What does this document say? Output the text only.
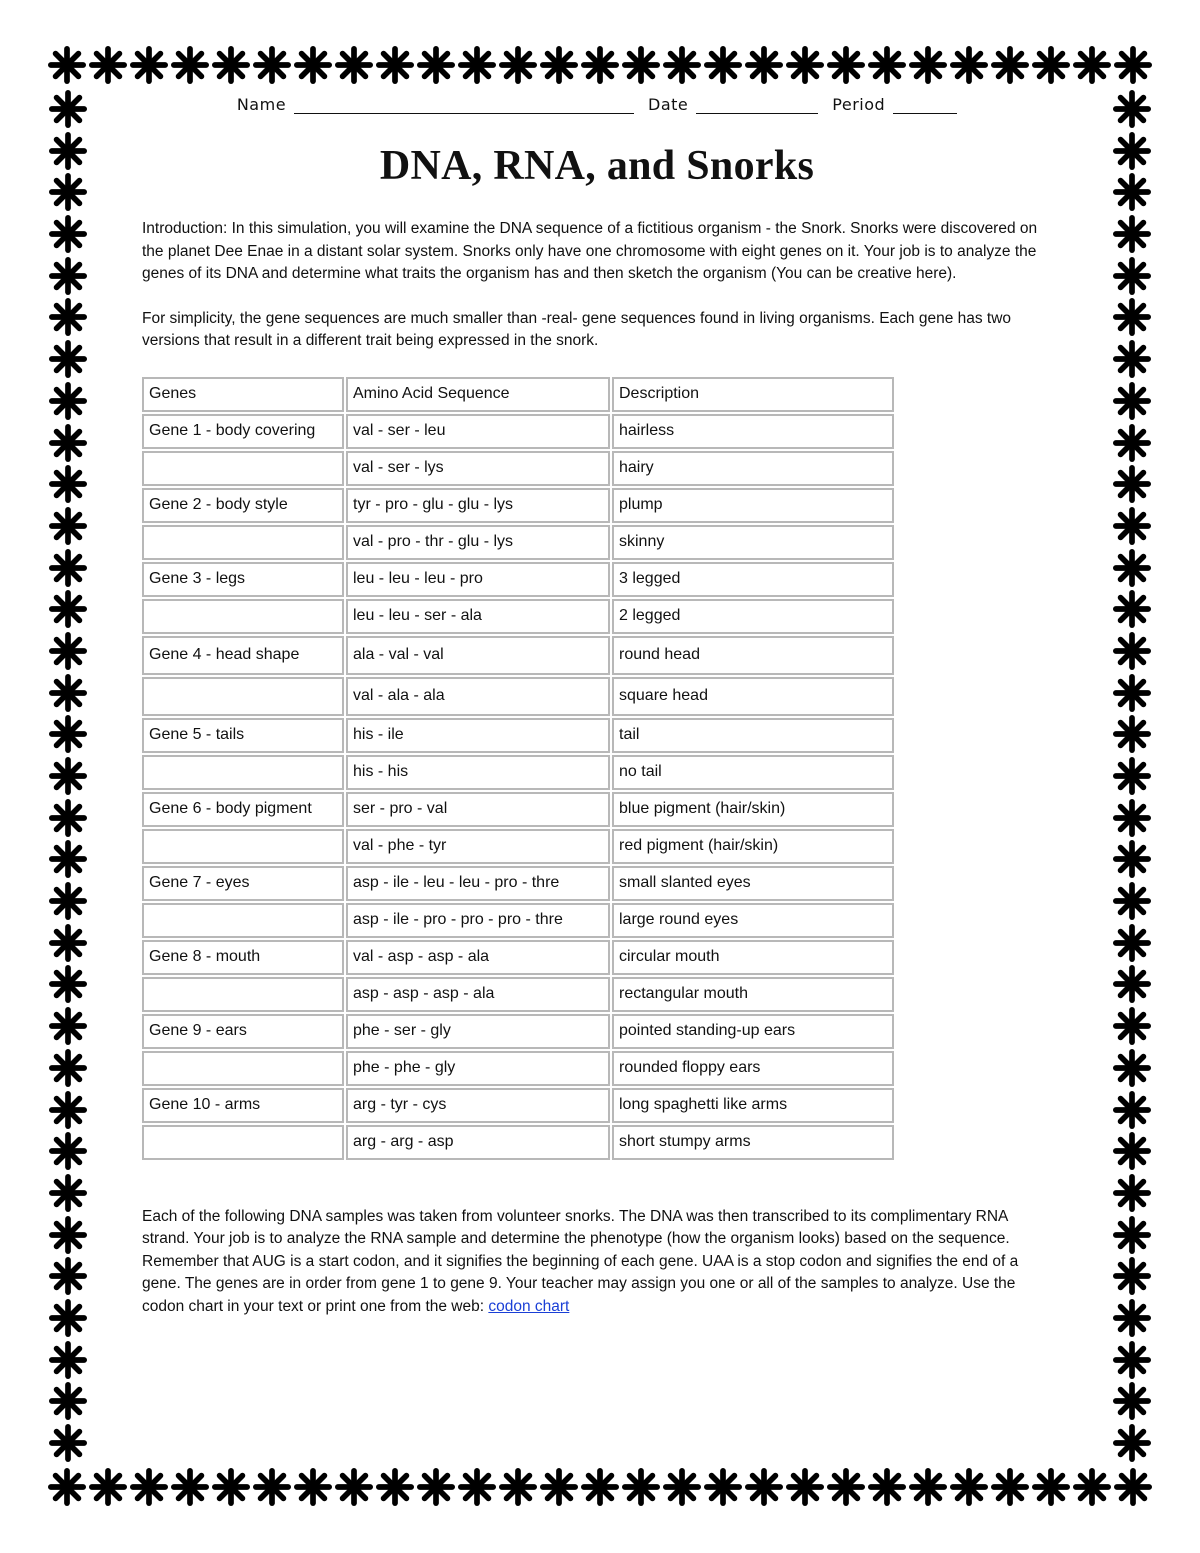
Name	Date	Period
DNA, RNA, and Snorks

Introduction: In this simulation, you will examine the DNA sequence of a fictitious organism - the Snork. Snorks were discovered on the planet Dee Enae in a distant solar system. Snorks only have one chromosome with eight genes on it. Your job is to analyze the genes of its DNA and determine what traits the organism has and then sketch the organism (You can be creative here).

For simplicity, the gene sequences are much smaller than -real- gene sequences found in living organisms. Each gene has two versions that result in a different trait being expressed in the snork.

Genes	Amino Acid Sequence	Description
Gene 1 - body covering	val - ser - leu	hairless
	val - ser - lys	hairy
Gene 2 - body style	tyr - pro - glu - glu - lys	plump
	val - pro - thr - glu - lys	skinny
Gene 3 - legs	leu - leu - leu - pro	3 legged
	leu - leu - ser - ala	2 legged
Gene 4 - head shape	ala - val - val	round head
	val - ala - ala	square head
Gene 5 - tails	his - ile	tail
	his - his	no tail
Gene 6 - body pigment	ser - pro - val	blue pigment (hair/skin)
	val - phe - tyr	red pigment (hair/skin)
Gene 7 - eyes	asp - ile - leu - leu - pro - thre	small slanted eyes
	asp - ile - pro - pro - pro - thre	large round eyes
Gene 8 - mouth	val - asp - asp - ala	circular mouth
	asp - asp - asp - ala	rectangular mouth
Gene 9 - ears	phe - ser - gly	pointed standing-up ears
	phe - phe - gly	rounded floppy ears
Gene 10 - arms	arg - tyr - cys	long spaghetti like arms
	arg - arg - asp	short stumpy arms

Each of the following DNA samples was taken from volunteer snorks. The DNA was then transcribed to its complimentary RNA strand. Your job is to analyze the RNA sample and determine the phenotype (how the organism looks) based on the sequence. Remember that AUG is a start codon, and it signifies the beginning of each gene. UAA is a stop codon and signifies the end of a gene. The genes are in order from gene 1 to gene 9. Your teacher may assign you one or all of the samples to analyze. Use the codon chart in your text or print one from the web: codon chart
